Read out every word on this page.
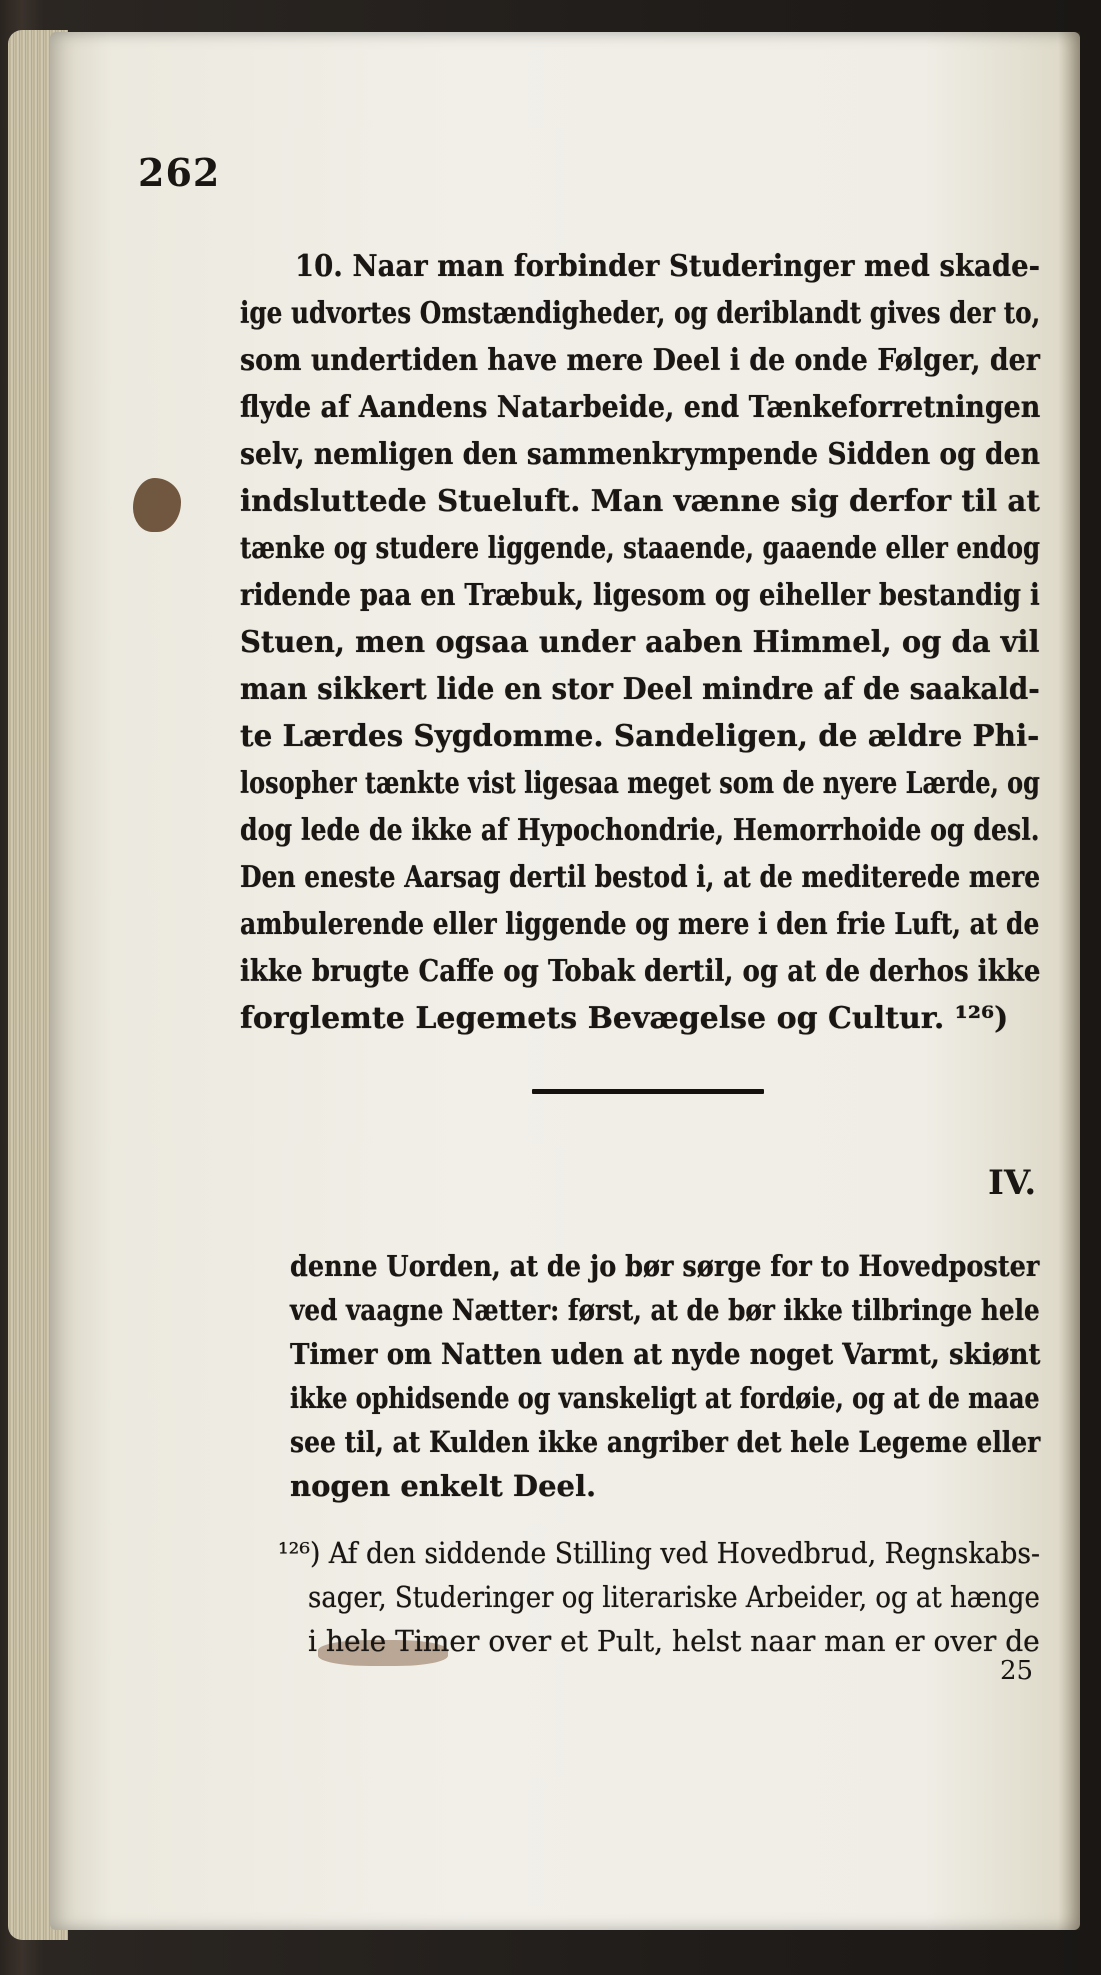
262
10. Naar man forbinder Studeringer med skade-
ige udvortes Omstændigheder, og deriblandt gives der to,
som undertiden have mere Deel i de onde Følger, der
flyde af Aandens Natarbeide, end Tænkeforretningen
selv, nemligen den sammenkrympende Sidden og den
indsluttede Stueluft. Man vænne sig derfor til at
tænke og studere liggende, staaende, gaaende eller endog
ridende paa en Træbuk, ligesom og eiheller bestandig i
Stuen, men ogsaa under aaben Himmel, og da vil
man sikkert lide en stor Deel mindre af de saakald-
te Lærdes Sygdomme. Sandeligen, de ældre Phi-
losopher tænkte vist ligesaa meget som de nyere Lærde, og
dog lede de ikke af Hypochondrie, Hemorrhoide og desl.
Den eneste Aarsag dertil bestod i, at de mediterede mere
ambulerende eller liggende og mere i den frie Luft, at de
ikke brugte Caffe og Tobak dertil, og at de derhos ikke
forglemte Legemets Bevægelse og Cultur. ¹²⁶)
IV.
denne Uorden, at de jo bør sørge for to Hovedposter
ved vaagne Nætter: først, at de bør ikke tilbringe hele
Timer om Natten uden at nyde noget Varmt, skiønt
ikke ophidsende og vanskeligt at fordøie, og at de maae
see til, at Kulden ikke angriber det hele Legeme eller
nogen enkelt Deel.
¹²⁶) Af den siddende Stilling ved Hovedbrud, Regnskabs-
sager, Studeringer og literariske Arbeider, og at hænge
i hele Timer over et Pult, helst naar man er over de
25
